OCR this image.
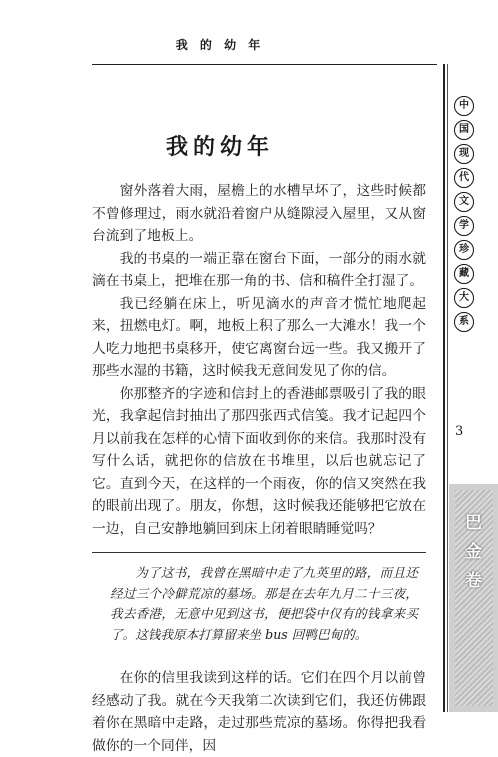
我 的 幼 年
中
国
现
代
文
学
珍
藏
大
系
3
巴
金
卷
我的幼年

窗外落着大雨，屋檐上的水槽早坏了，这些时候都不曾修理过，雨水就沿着窗户从缝隙浸入屋里，又从窗台流到了地板上。

我的书桌的一端正靠在窗台下面，一部分的雨水就滴在书桌上，把堆在那一角的书、信和稿件全打湿了。

我已经躺在床上，听见滴水的声音才慌忙地爬起来，扭燃电灯。啊，地板上积了那么一大滩水！我一个人吃力地把书桌移开，使它离窗台远一些。我又搬开了那些水湿的书籍，这时候我无意间发见了你的信。

你那整齐的字迹和信封上的香港邮票吸引了我的眼光，我拿起信封抽出了那四张西式信笺。我才记起四个月以前我在怎样的心情下面收到你的来信。我那时没有写什么话，就把你的信放在书堆里，以后也就忘记了它。直到今天，在这样的一个雨夜，你的信又突然在我的眼前出现了。朋友，你想，这时候我还能够把它放在一边，自己安静地躺回到床上闭着眼睛睡觉吗？

为了这书，我曾在黑暗中走了九英里的路，而且还经过三个冷僻荒凉的墓场。那是在去年九月二十三夜，我去香港，无意中见到这书，便把袋中仅有的钱拿来买了。这钱我原本打算留来坐 bus 回鸭巴甸的。

在你的信里我读到这样的话。它们在四个月以前曾经感动了我。就在今天我第二次读到它们，我还仿佛跟着你在黑暗中走路，走过那些荒凉的墓场。你得把我看做你的一个同伴，因
